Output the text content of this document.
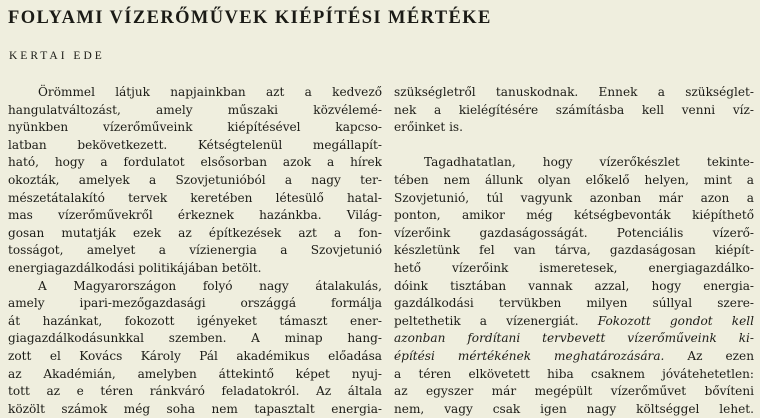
FOLYAMI VÍZERŐMŰVEK KIÉPÍTÉSI MÉRTÉKE
KERTAI EDE
Örömmel látjuk napjainkban azt a kedvező
hangulatváltozást, amely műszaki közvélemé-
nyünkben vízerőműveink kiépítésével kapcso-
latban bekövetkezett. Kétségtelenül megállapít-
ható, hogy a fordulatot elsősorban azok a hírek
okozták, amelyek a Szovjetunióból a nagy ter-
mészetátalakító tervek keretében létesülő hatal-
mas vízerőművekről érkeznek hazánkba. Világ-
gosan mutatják ezek az építkezések azt a fon-
tosságot, amelyet a vízienergia a Szovjetunió
energiagazdálkodási politikájában betölt.
A Magyarországon folyó nagy átalakulás,
amely ipari-mezőgazdasági országgá formálja
át hazánkat, fokozott igényeket támaszt ener-
giagazdálkodásunkkal szemben. A minap hang-
zott el Kovács Károly Pál akadémikus előadása
az Akadémián, amelyben áttekintő képet nyuj-
tott az e téren ránkváró feladatokról. Az általa
közölt számok még soha nem tapasztalt energia-
szükségletről tanuskodnak. Ennek a szükséglet-
nek a kielégítésére számításba kell venni víz-
erőinket is.
Tagadhatatlan, hogy vízerőkészlet tekinte-
tében nem állunk olyan előkelő helyen, mint a
Szovjetunió, túl vagyunk azonban már azon a
ponton, amikor még kétségbevonták kiépíthető
vízerőink gazdaságosságát. Potenciális vízerő-
készletünk fel van tárva, gazdaságosan kiépít-
hető vízerőink ismeretesek, energiagazdálko-
dóink tisztában vannak azzal, hogy energia-
gazdálkodási tervükben milyen súllyal szere-
peltethetik a vízenergiát. Fokozott gondot kell
azonban fordítani tervbevett vízerőműveink ki-
építési mértékének meghatározására. Az ezen
a téren elkövetett hiba csaknem jóvátehetetlen:
az egyszer már megépült vízerőművet bővíteni
nem, vagy csak igen nagy költséggel lehet.
